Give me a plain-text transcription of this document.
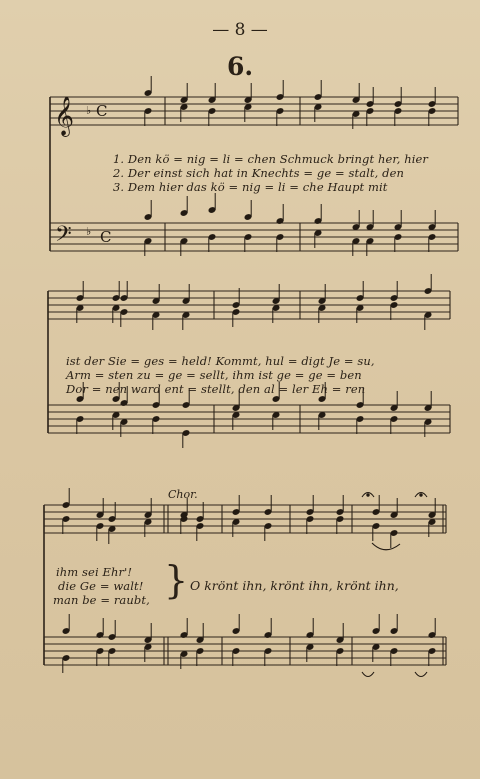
— 8 —
6.
𝄞
𝄢
♭
♭
C
C
1. Den kö = nig = li = chen Schmuck bringt her, hier
2. Der einst sich hat in Knechts = ge = stalt, den
3. Dem hier das kö = nig = li = che Haupt mit
ist der Sie = ges = held! Kommt, hul = digt Je = su,
Arm = sten zu = ge = sellt, ihm ist ge = ge = ben
Dor = nen ward ent = stellt, den al = ler Eh = ren
Chor.
ihm sei Ehr'!
die Ge = walt!
man be = raubt, } O krönt ihn, krönt ihn, krönt ihn,
